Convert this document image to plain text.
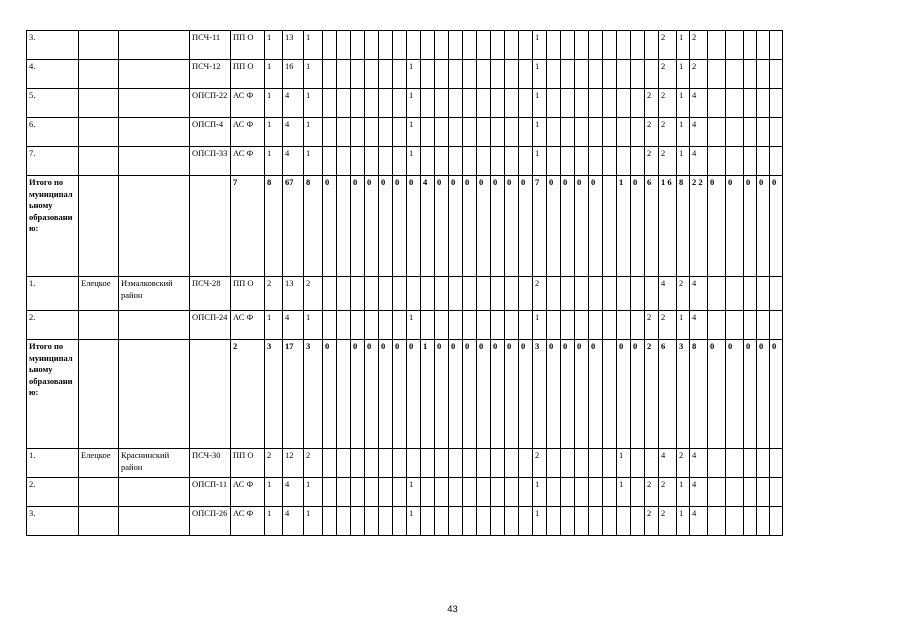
3.			ПСЧ-11	ПП О	1	13	1																1									2	1	2					
4.			ПСЧ-12	ПП О	1	16	1							1									1									2	1	2					
5.			ОПСП-22	АС Ф	1	4	1							1									1								2	2	1	4					
6.			ОПСП-4	АС Ф	1	4	1							1									1								2	2	1	4					
7.			ОПСП-33	АС Ф	1	4	1							1									1								2	2	1	4					
Итого по муниципальному образованию:				7	8	67	8	0		0	0	0	0	0	4	0	0	0	0	0	0	0	7	0	0	0	0		1	0	6	1 6	8	2 2	0	0	0	0	0
1.	Елецкое	Измалковский район	ПСЧ-28	ПП О	2	13	2																2									4	2	4					
2.			ОПСП-24	АС Ф	1	4	1							1									1								2	2	1	4					
Итого по муниципальному образованию:				2	3	17	3	0		0	0	0	0	0	1	0	0	0	0	0	0	0	3	0	0	0	0		0	0	2	6	3	8	0	0	0	0	0
1.	Елецкое	Краснинский район	ПСЧ-30	ПП О	2	12	2																2						1			4	2	4					
2.			ОПСП-11	АС Ф	1	4	1							1									1						1		2	2	1	4					
3.			ОПСП-26	АС Ф	1	4	1							1									1								2	2	1	4					
43
